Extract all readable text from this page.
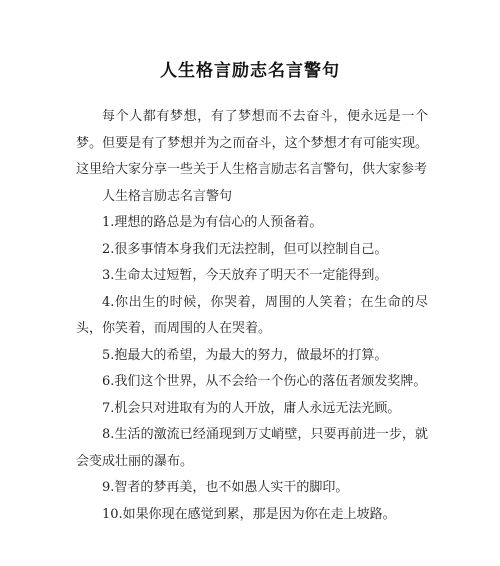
人生格言励志名言警句

每个人都有梦想，有了梦想而不去奋斗，便永远是一个梦。但要是有了梦想并为之而奋斗，这个梦想才有可能实现。这里给大家分享一些关于人生格言励志名言警句，供大家参考

人生格言励志名言警句

1.理想的路总是为有信心的人预备着。

2.很多事情本身我们无法控制，但可以控制自己。

3.生命太过短暂，今天放弃了明天不一定能得到。

4.你出生的时候，你哭着，周围的人笑着；在生命的尽头，你笑着，而周围的人在哭着。

5.抱最大的希望，为最大的努力，做最坏的打算。

6.我们这个世界，从不会给一个伤心的落伍者颁发奖牌。

7.机会只对进取有为的人开放，庸人永远无法光顾。

8.生活的激流已经涌现到万丈峭壁，只要再前进一步，就会变成壮丽的瀑布。

9.智者的梦再美，也不如愚人实干的脚印。

10.如果你现在感觉到累，那是因为你在走上坡路。
